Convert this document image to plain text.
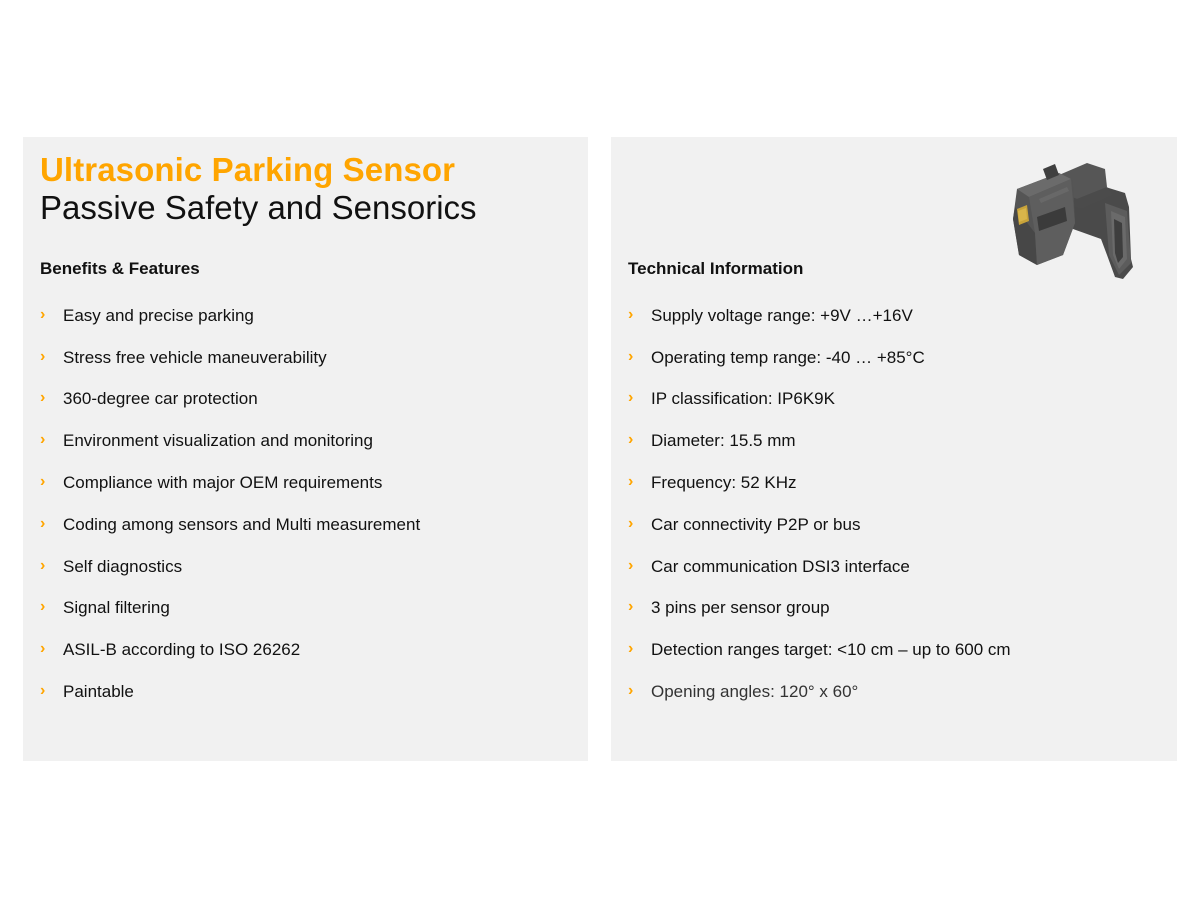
Ultrasonic Parking Sensor
Passive Safety and Sensorics
Benefits & Features
›	Easy and precise parking
›	Stress free vehicle maneuverability
›	360-degree car protection
›	Environment visualization and monitoring
›	Compliance with major OEM requirements
›	Coding among sensors and Multi measurement
›	Self diagnostics
›	Signal filtering
›	ASIL-B according to ISO 26262
›	Paintable
Technical Information
›	Supply voltage range: +9V …+16V
›	Operating temp range: -40 … +85°C
›	IP classification: IP6K9K
›	Diameter: 15.5 mm
›	Frequency: 52 KHz
›	Car connectivity P2P or bus
›	Car communication DSI3 interface
›	3 pins per sensor group
›	Detection ranges target: <10 cm – up to 600 cm
›	Opening angles: 120° x 60°
